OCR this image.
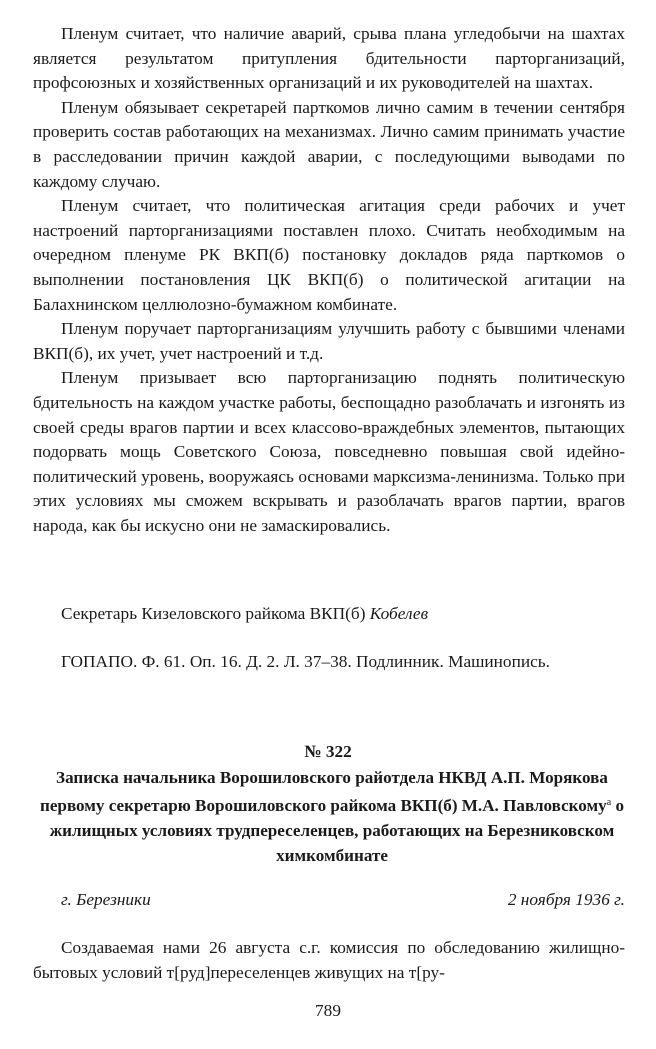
Пленум считает, что наличие аварий, срыва плана угледобычи на шахтах является результатом притупления бдительности парторганизаций, профсоюзных и хозяйственных организаций и их руководителей на шахтах.

Пленум обязывает секретарей парткомов лично самим в течении сентября проверить состав работающих на механизмах. Лично самим принимать участие в расследовании причин каждой аварии, с последующими выводами по каждому случаю.

Пленум считает, что политическая агитация среди рабочих и учет настроений парторганизациями поставлен плохо. Считать необходимым на очередном пленуме РК ВКП(б) постановку докладов ряда парткомов о выполнении постановления ЦК ВКП(б) о политической агитации на Балахнинском целлюлозно-бумажном комбинате.

Пленум поручает парторганизациям улучшить работу с бывшими членами ВКП(б), их учет, учет настроений и т.д.

Пленум призывает всю парторганизацию поднять политическую бдительность на каждом участке работы, беспощадно разоблачать и изгонять из своей среды врагов партии и всех классово-враждебных элементов, пытающих подорвать мощь Советского Союза, повседневно повышая свой идейно-политический уровень, вооружаясь основами марксизма-ленинизма. Только при этих условиях мы сможем вскрывать и разоблачать врагов партии, врагов народа, как бы искусно они не замаскировались.

Секретарь Кизеловского райкома ВКП(б) Кобелев
ГОПАПО. Ф. 61. Оп. 16. Д. 2. Л. 37–38. Подлинник. Машинопись.
№ 322
Записка начальника Ворошиловского райотдела НКВД А.П. Морякова первому секретарю Ворошиловского райкома ВКП(б) М.А. Павловскому$^а$ о жилищных условиях трудпереселенцев, работающих на Березниковском химкомбинате
г. Березники	2 ноября 1936 г.

Создаваемая нами 26 августа с.г. комиссия по обследованию жилищно-бытовых условий т[руд]переселенцев живущих на т[ру-

789
